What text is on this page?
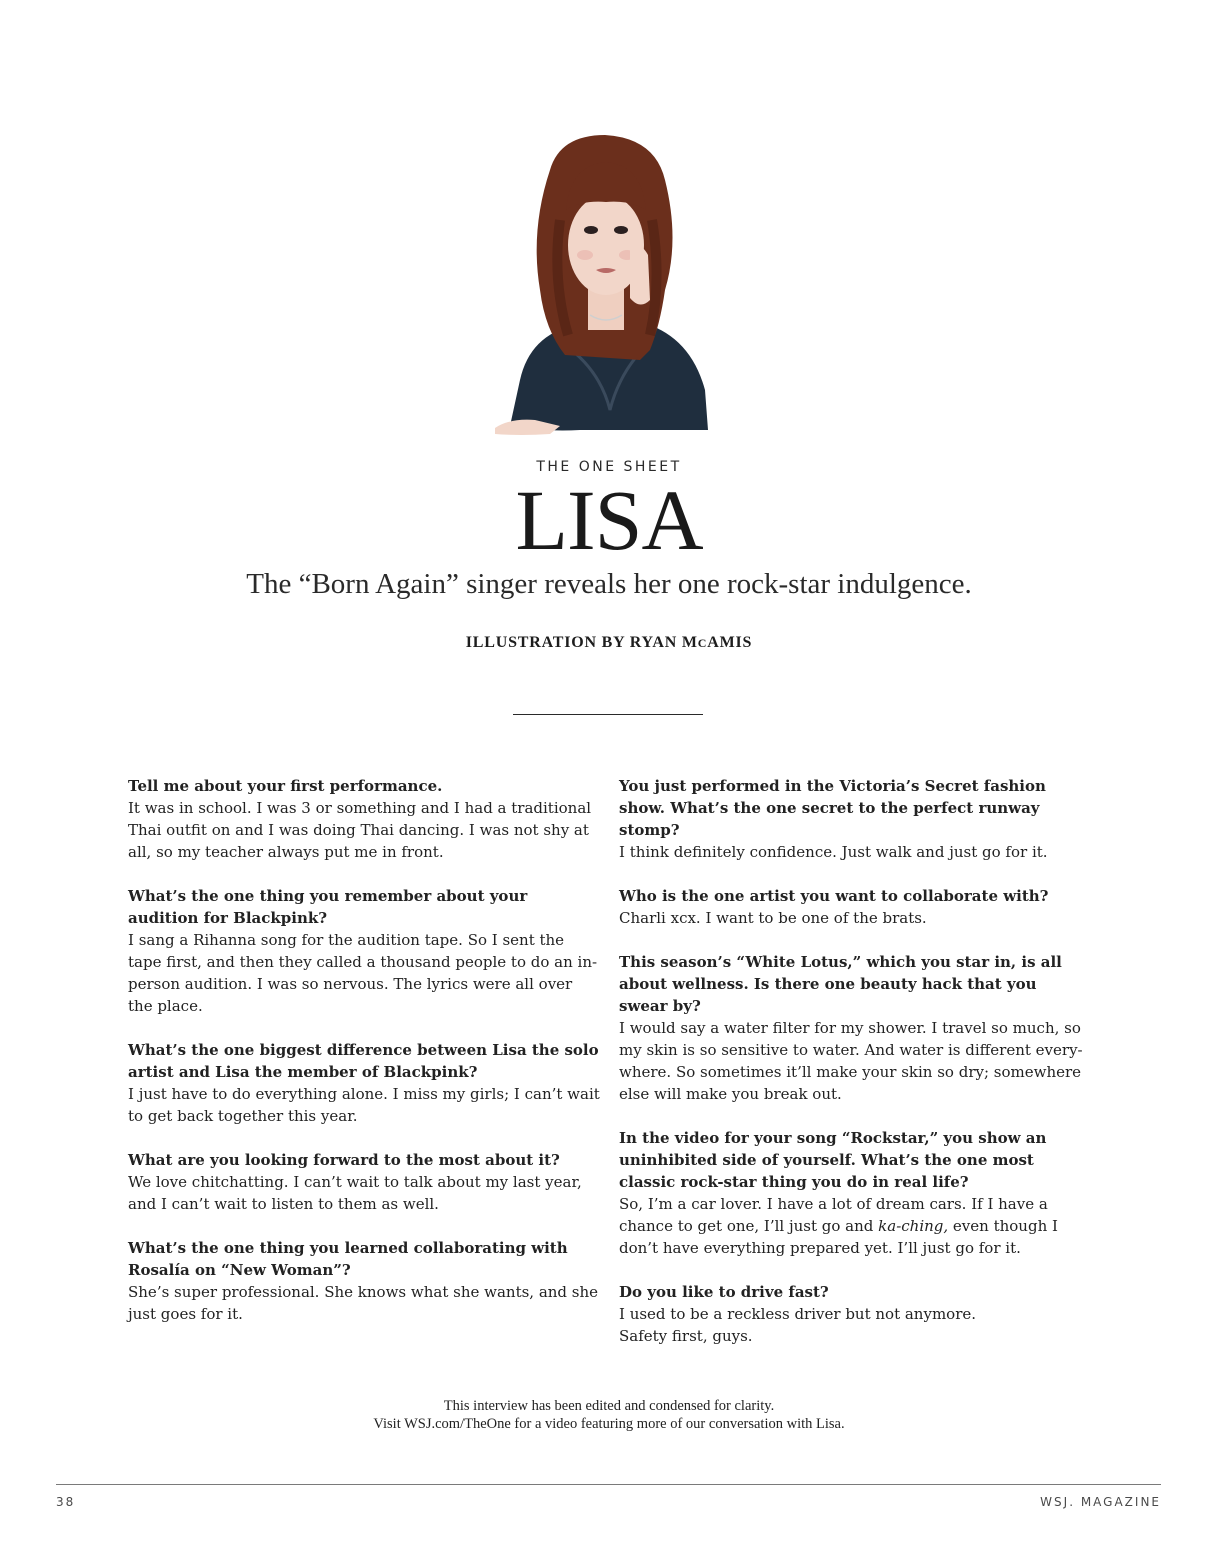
THE ONE SHEET
LISA
The “Born Again” singer reveals her one rock-star indulgence.
ILLUSTRATION BY RYAN MCAMIS

Tell me about your first performance.

It was in school. I was 3 or something and I had a traditional Thai outfit on and I was doing Thai dancing. I was not shy at all, so my teacher always put me in front.

What’s the one thing you remember about your audition for Blackpink?

I sang a Rihanna song for the audition tape. So I sent the tape first, and then they called a thousand people to do an in-person audition. I was so nervous. The lyrics were all over the place.

What’s the one biggest difference between Lisa the solo artist and Lisa the member of Blackpink?

I just have to do everything alone. I miss my girls; I can’t wait to get back together this year.

What are you looking forward to the most about it?

We love chitchatting. I can’t wait to talk about my last year, and I can’t wait to listen to them as well.

What’s the one thing you learned collaborating with Rosalía on “New Woman”?

She’s super professional. She knows what she wants, and she just goes for it.

You just performed in the Victoria’s Secret fashion show. What’s the one secret to the perfect runway stomp?

I think definitely confidence. Just walk and just go for it.

Who is the one artist you want to collaborate with?

Charli xcx. I want to be one of the brats.

This season’s “White Lotus,” which you star in, is all about wellness. Is there one beauty hack that you swear by?

I would say a water filter for my shower. I travel so much, so my skin is so sensitive to water. And water is different every-where. So sometimes it’ll make your skin so dry; somewhere else will make you break out.

In the video for your song “Rockstar,” you show an uninhibited side of yourself. What’s the one most classic rock-star thing you do in real life?

So, I’m a car lover. I have a lot of dream cars. If I have a chance to get one, I’ll just go and ka-ching, even though I don’t have everything prepared yet. I’ll just go for it.

Do you like to drive fast?

I used to be a reckless driver but not anymore.
Safety first, guys.

This interview has been edited and condensed for clarity.
Visit WSJ.com/TheOne for a video featuring more of our conversation with Lisa.
38	WSJ. MAGAZINE
